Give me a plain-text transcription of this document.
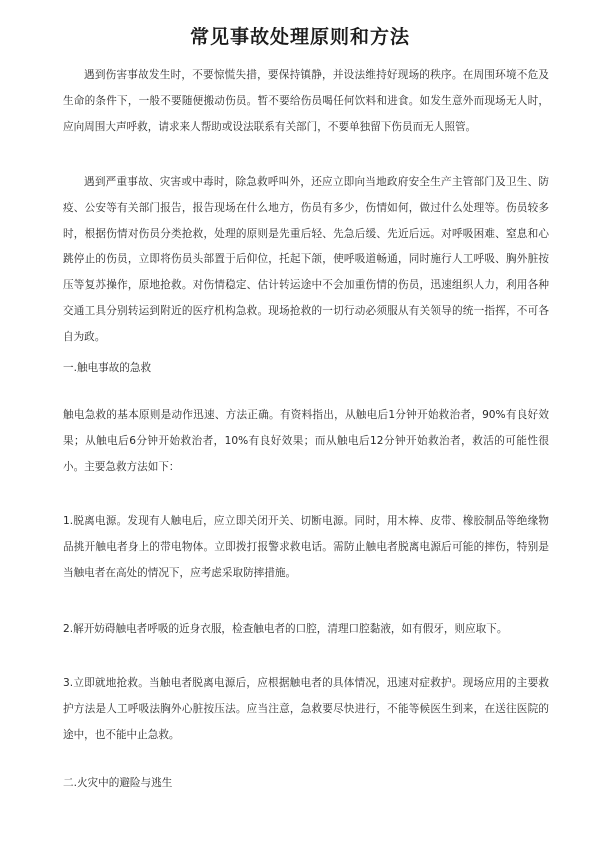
常见事故处理原则和方法

遇到伤害事故发生时，不要惊慌失措，要保持镇静，并设法维持好现场的秩序。在周围环境不危及生命的条件下，一般不要随便搬动伤员。暂不要给伤员喝任何饮料和进食。如发生意外而现场无人时，应向周围大声呼救，请求来人帮助或设法联系有关部门，不要单独留下伤员而无人照管。

遇到严重事故、灾害或中毒时，除急救呼叫外，还应立即向当地政府安全生产主管部门及卫生、防疫、公安等有关部门报告，报告现场在什么地方，伤员有多少，伤情如何，做过什么处理等。伤员较多时，根据伤情对伤员分类抢救，处理的原则是先重后轻、先急后缓、先近后远。对呼吸困难、窒息和心跳停止的伤员，立即将伤员头部置于后仰位，托起下颌，使呼吸道畅通，同时施行人工呼吸、胸外脏按压等复苏操作，原地抢救。对伤情稳定、估计转运途中不会加重伤情的伤员，迅速组织人力，利用各种交通工具分别转运到附近的医疗机构急救。现场抢救的一切行动必须服从有关领导的统一指挥，不可各自为政。

一.触电事故的急救

触电急救的基本原则是动作迅速、方法正确。有资料指出，从触电后1分钟开始救治者，90%有良好效果；从触电后6分钟开始救治者，10%有良好效果；而从触电后12分钟开始救治者，救活的可能性很小。主要急救方法如下：

1.脱离电源。发现有人触电后，应立即关闭开关、切断电源。同时，用木棒、皮带、橡胶制品等绝缘物品挑开触电者身上的带电物体。立即拨打报警求救电话。需防止触电者脱离电源后可能的摔伤，特别是当触电者在高处的情况下，应考虑采取防摔措施。

2.解开妨碍触电者呼吸的近身衣服，检查触电者的口腔，清理口腔黏液，如有假牙，则应取下。

3.立即就地抢救。当触电者脱离电源后，应根据触电者的具体情况，迅速对症救护。现场应用的主要救护方法是人工呼吸法胸外心脏按压法。应当注意，急救要尽快进行，不能等候医生到来，在送往医院的途中，也不能中止急救。

二.火灾中的避险与逃生
